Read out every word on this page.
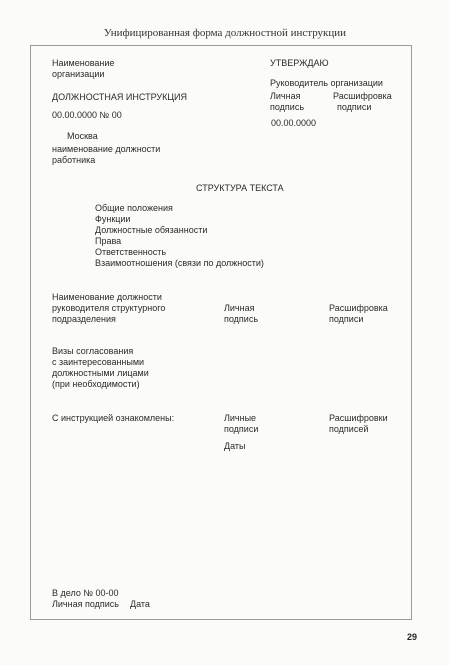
Унифицированная форма должностной инструкции
Наименование
организации
ДОЛЖНОСТНАЯ ИНСТРУКЦИЯ
00.00.0000 № 00
Москва
наименование должности
работника
УТВЕРЖДАЮ
Руководитель организации
Личная
подпись
Расшифровка
подписи
00.00.0000
СТРУКТУРА ТЕКСТА
Общие положения
Функции
Должностные обязанности
Права
Ответственность
Взаимоотношения (связи по должности)
Наименование должности
руководителя структурного
подразделения
Личная
подпись
Расшифровка
подписи
Визы согласования
с заинтересованными
должностными лицами
(при необходимости)
С инструкцией ознакомлены:	Личные
подписи
Расшифровки
подписей
Даты
В дело № 00-00
Личная подпись Дата
29
